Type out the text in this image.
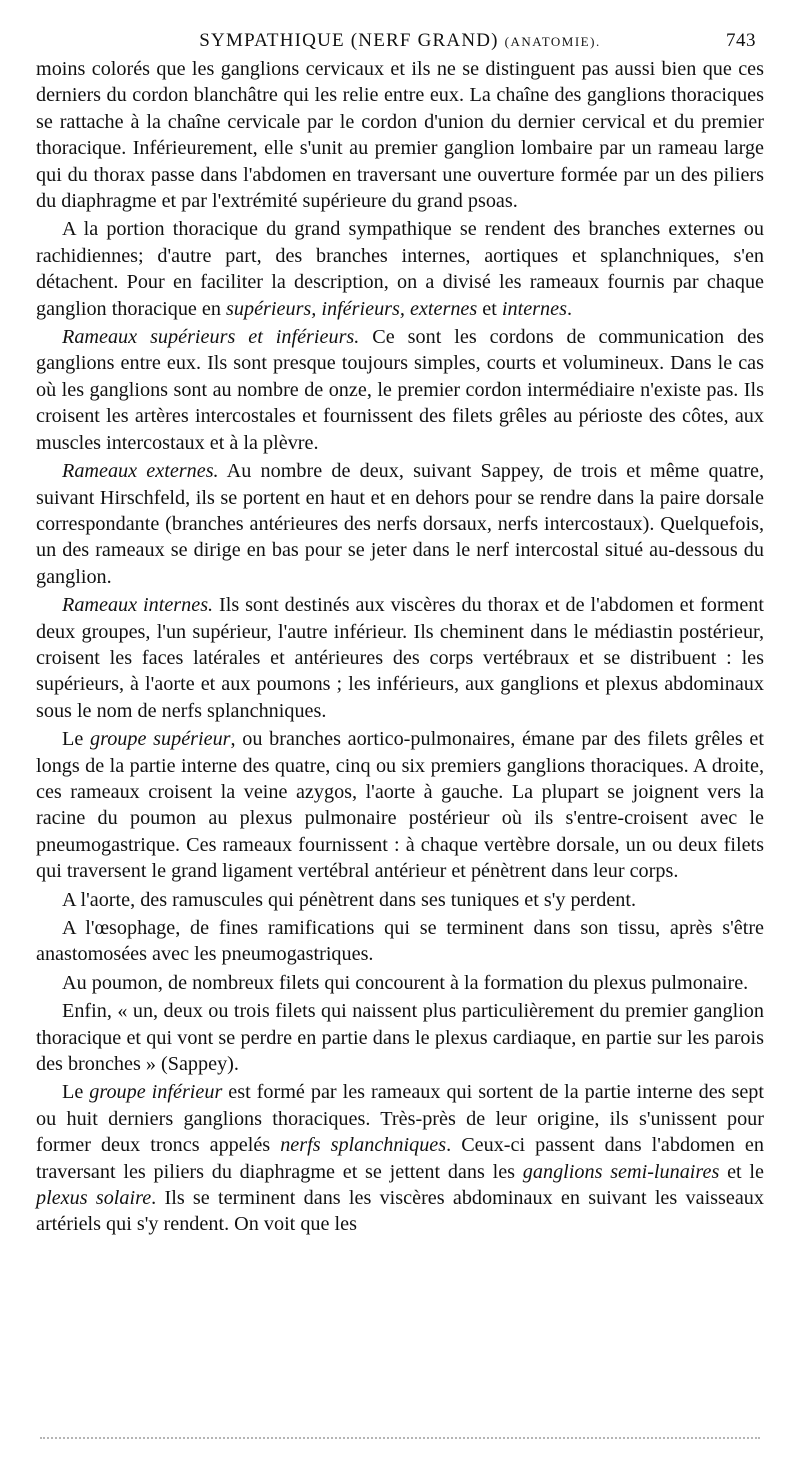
SYMPATHIQUE (NERF GRAND) (ANATOMIE).	743

moins colorés que les ganglions cervicaux et ils ne se distinguent pas aussi bien que ces derniers du cordon blanchâtre qui les relie entre eux. La chaîne des ganglions thoraciques se rattache à la chaîne cervicale par le cordon d'union du dernier cervical et du premier thoracique. Inférieurement, elle s'unit au premier ganglion lombaire par un rameau large qui du thorax passe dans l'abdomen en traversant une ouverture formée par un des piliers du diaphragme et par l'extrémité supérieure du grand psoas.

A la portion thoracique du grand sympathique se rendent des branches externes ou rachidiennes; d'autre part, des branches internes, aortiques et splanchniques, s'en détachent. Pour en faciliter la description, on a divisé les rameaux fournis par chaque ganglion thoracique en supérieurs, inférieurs, externes et internes.

Rameaux supérieurs et inférieurs. Ce sont les cordons de communication des ganglions entre eux. Ils sont presque toujours simples, courts et volumineux. Dans le cas où les ganglions sont au nombre de onze, le premier cordon intermédiaire n'existe pas. Ils croisent les artères intercostales et fournissent des filets grêles au périoste des côtes, aux muscles intercostaux et à la plèvre.

Rameaux externes. Au nombre de deux, suivant Sappey, de trois et même quatre, suivant Hirschfeld, ils se portent en haut et en dehors pour se rendre dans la paire dorsale correspondante (branches antérieures des nerfs dorsaux, nerfs intercostaux). Quelquefois, un des rameaux se dirige en bas pour se jeter dans le nerf intercostal situé au-dessous du ganglion.

Rameaux internes. Ils sont destinés aux viscères du thorax et de l'abdomen et forment deux groupes, l'un supérieur, l'autre inférieur. Ils cheminent dans le médiastin postérieur, croisent les faces latérales et antérieures des corps vertébraux et se distribuent : les supérieurs, à l'aorte et aux poumons ; les inférieurs, aux ganglions et plexus abdominaux sous le nom de nerfs splanchniques.

Le groupe supérieur, ou branches aortico-pulmonaires, émane par des filets grêles et longs de la partie interne des quatre, cinq ou six premiers ganglions thoraciques. A droite, ces rameaux croisent la veine azygos, l'aorte à gauche. La plupart se joignent vers la racine du poumon au plexus pulmonaire postérieur où ils s'entre-croisent avec le pneumogastrique. Ces rameaux fournissent : à chaque vertèbre dorsale, un ou deux filets qui traversent le grand ligament vertébral antérieur et pénètrent dans leur corps.

A l'aorte, des ramuscules qui pénètrent dans ses tuniques et s'y perdent.

A l'œsophage, de fines ramifications qui se terminent dans son tissu, après s'être anastomosées avec les pneumogastriques.

Au poumon, de nombreux filets qui concourent à la formation du plexus pulmonaire.

Enfin, « un, deux ou trois filets qui naissent plus particulièrement du premier ganglion thoracique et qui vont se perdre en partie dans le plexus cardiaque, en partie sur les parois des bronches » (Sappey).

Le groupe inférieur est formé par les rameaux qui sortent de la partie interne des sept ou huit derniers ganglions thoraciques. Très-près de leur origine, ils s'unissent pour former deux troncs appelés nerfs splanchniques. Ceux-ci passent dans l'abdomen en traversant les piliers du diaphragme et se jettent dans les ganglions semi-lunaires et le plexus solaire. Ils se terminent dans les viscères abdominaux en suivant les vaisseaux artériels qui s'y rendent. On voit que les
